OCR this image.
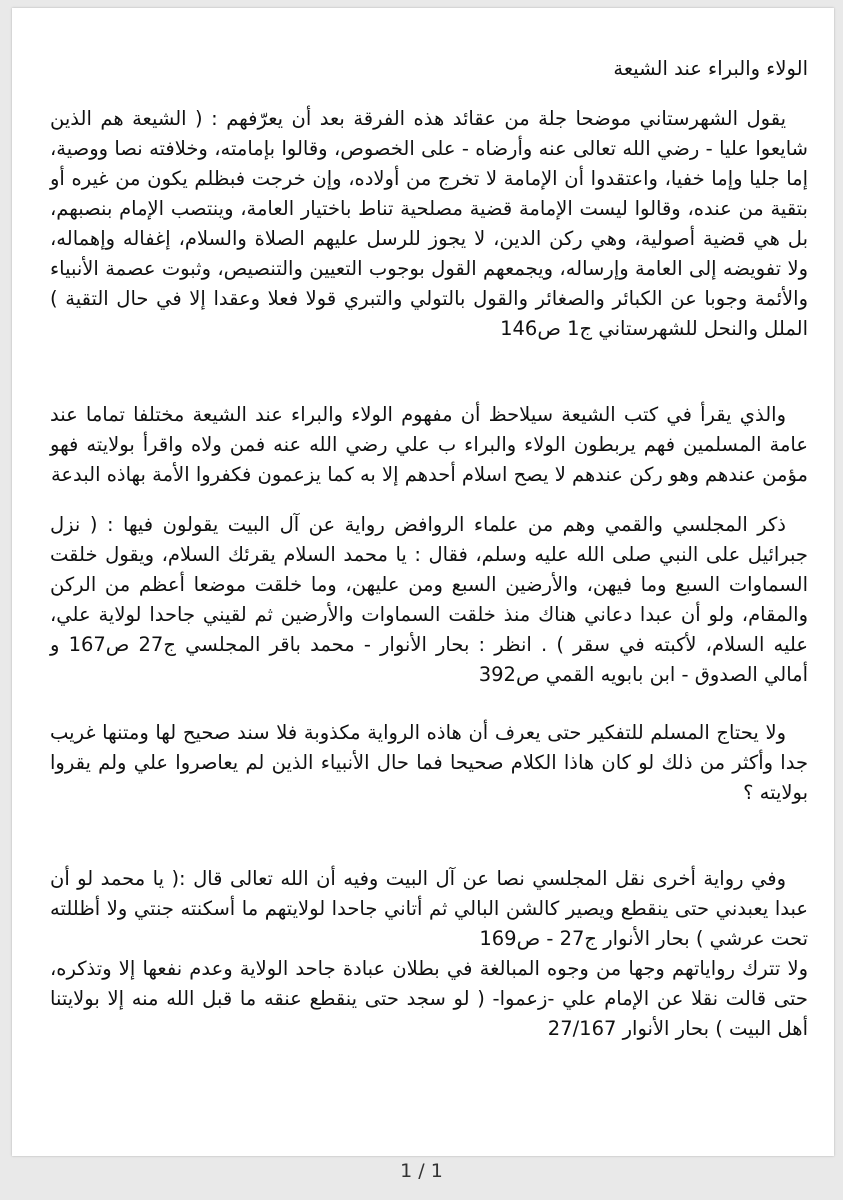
الولاء والبراء عند الشيعة

يقول الشهرستاني موضحا جلة من عقائد هذه الفرقة بعد أن يعرّفهم : ( الشيعة هم الذين شايعوا عليا - رضي الله تعالى عنه وأرضاه - على الخصوص، وقالوا بإمامته، وخلافته نصا ووصية، إما جليا وإما خفيا، واعتقدوا أن الإمامة لا تخرج من أولاده، وإن خرجت فبظلم يكون من غيره أو بتقية من عنده، وقالوا ليست الإمامة قضية مصلحية تناط باختيار العامة، وينتصب الإمام بنصبهم، بل هي قضية أصولية، وهي ركن الدين، لا يجوز للرسل عليهم الصلاة والسلام، إغفاله وإهماله، ولا تفويضه إلى العامة وإرساله، ويجمعهم القول بوجوب التعيين والتنصيص، وثبوت عصمة الأنبياء والأئمة وجوبا عن الكبائر والصغائر والقول بالتولي والتبري قولا فعلا وعقدا إلا في حال التقية ) الملل والنحل للشهرستاني ج1 ص146

والذي يقرأ في كتب الشيعة سيلاحظ أن مفهوم الولاء والبراء عند الشيعة مختلفا تماما عند عامة المسلمين فهم يربطون الولاء والبراء ب علي رضي الله عنه فمن ولاه واقرأ بولايته فهو مؤمن عندهم وهو ركن عندهم لا يصح اسلام أحدهم إلا به كما يزعمون فكفروا الأمة بهاذه البدعة

ذكر المجلسي والقمي وهم من علماء الروافض رواية عن آل البيت يقولون فيها : ( نزل جبرائيل على النبي صلى الله عليه وسلم، فقال : يا محمد السلام يقرئك السلام، ويقول خلقت السماوات السبع وما فيهن، والأرضين السبع ومن عليهن، وما خلقت موضعا أعظم من الركن والمقام، ولو أن عبدا دعاني هناك منذ خلقت السماوات والأرضين ثم لقيني جاحدا لولاية علي، عليه السلام، لأكبته في سقر ) . انظر : بحار الأنوار - محمد باقر المجلسي ج27 ص167 و أمالي الصدوق - ابن بابويه القمي ص392

ولا يحتاج المسلم للتفكير حتى يعرف أن هاذه الرواية مكذوبة فلا سند صحيح لها ومتنها غريب جدا وأكثر من ذلك لو كان هاذا الكلام صحيحا فما حال الأنبياء الذين لم يعاصروا علي ولم يقروا بولايته ؟

وفي رواية أخرى نقل المجلسي نصا عن آل البيت وفيه أن الله تعالى قال :( يا محمد لو أن عبدا يعبدني حتى ينقطع ويصير كالشن البالي ثم أتاني جاحدا لولايتهم ما أسكنته جنتي ولا أظللته تحت عرشي ) بحار الأنوار ج27 - ص169

ولا تترك رواياتهم وجها من وجوه المبالغة في بطلان عبادة جاحد الولاية وعدم نفعها إلا وتذكره، حتى قالت نقلا عن الإمام علي -زعموا- ( لو سجد حتى ينقطع عنقه ما قبل الله منه إلا بولايتنا أهل البيت ) بحار الأنوار 27/167

1 / 1
